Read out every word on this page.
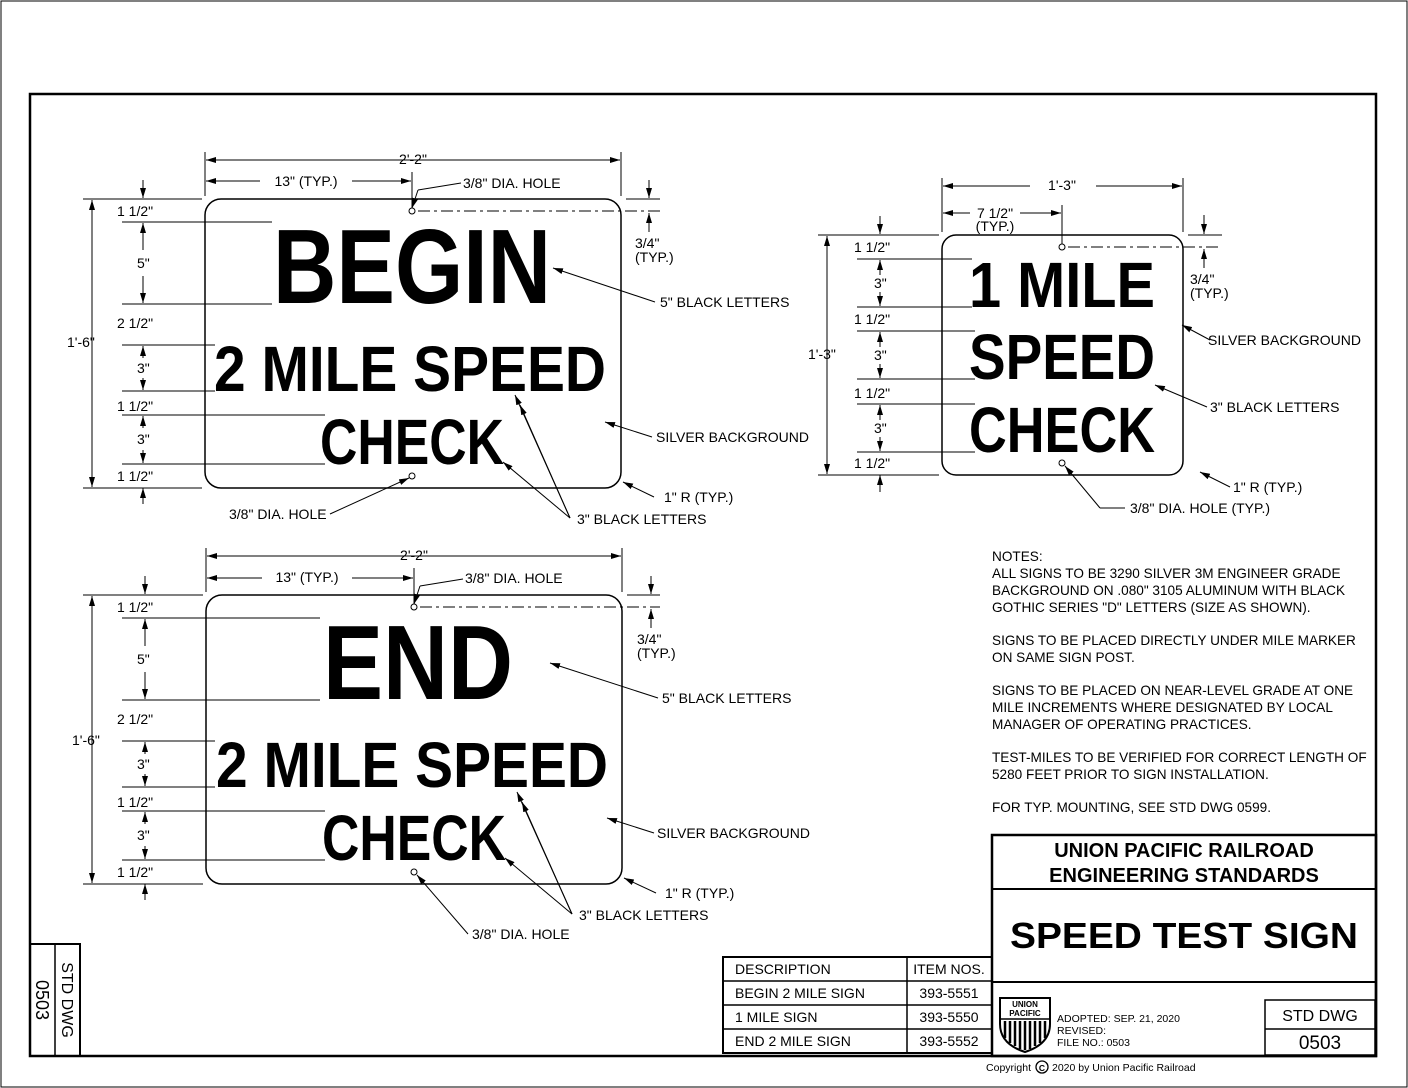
BEGIN
2 MILE SPEED
CHECK
END
2 MILE SPEED
CHECK
1 MILE
SPEED
CHECK
2'-2"
13" (TYP.)	3/8" DIA. HOLE
3/4"
(TYP.)
1'-6"
1 1/2"
5"
2 1/2"
3"
1 1/2"
3"
1 1/2"
5" BLACK LETTERS
SILVER BACKGROUND
1" R (TYP.)
3/8" DIA. HOLE	3" BLACK LETTERS
2'-2"
13" (TYP.)	3/8" DIA. HOLE
3/4"
(TYP.)
1'-6"
1 1/2"
5"
2 1/2"
3"
1 1/2"
3"
1 1/2"
5" BLACK LETTERS
SILVER BACKGROUND
1" R (TYP.)
3/8" DIA. HOLE
3" BLACK LETTERS
1'-3"
7 1/2"
(TYP.)
3/4"
(TYP.)
1'-3"
1 1/2"
3"
1 1/2"
3"
1 1/2"
3"
1 1/2"
SILVER BACKGROUND
3" BLACK LETTERS
1" R (TYP.)
3/8" DIA. HOLE (TYP.)
DESCRIPTION	ITEM NOS.
BEGIN 2 MILE SIGN	393-5551
1 MILE SIGN	393-5550
END 2 MILE SIGN	393-5552
UNION PACIFIC RAILROAD
ENGINEERING STANDARDS
SPEED TEST SIGN
UNION
PACIFIC ADOPTED: SEP. 21, 2020
REVISED:
FILE NO.: 0503
STD DWG
0503
Copyright C 2020 by Union Pacific Railroad
STD DWG
0503

NOTES:

ALL SIGNS TO BE 3290 SILVER 3M ENGINEER GRADE BACKGROUND ON .080" 3105 ALUMINUM WITH BLACK GOTHIC SERIES "D" LETTERS (SIZE AS SHOWN).

SIGNS TO BE PLACED DIRECTLY UNDER MILE MARKER ON SAME SIGN POST.

SIGNS TO BE PLACED ON NEAR-LEVEL GRADE AT ONE MILE INCREMENTS WHERE DESIGNATED BY LOCAL MANAGER OF OPERATING PRACTICES.

TEST-MILES TO BE VERIFIED FOR CORRECT LENGTH OF 5280 FEET PRIOR TO SIGN INSTALLATION.

FOR TYP. MOUNTING, SEE STD DWG 0599.
